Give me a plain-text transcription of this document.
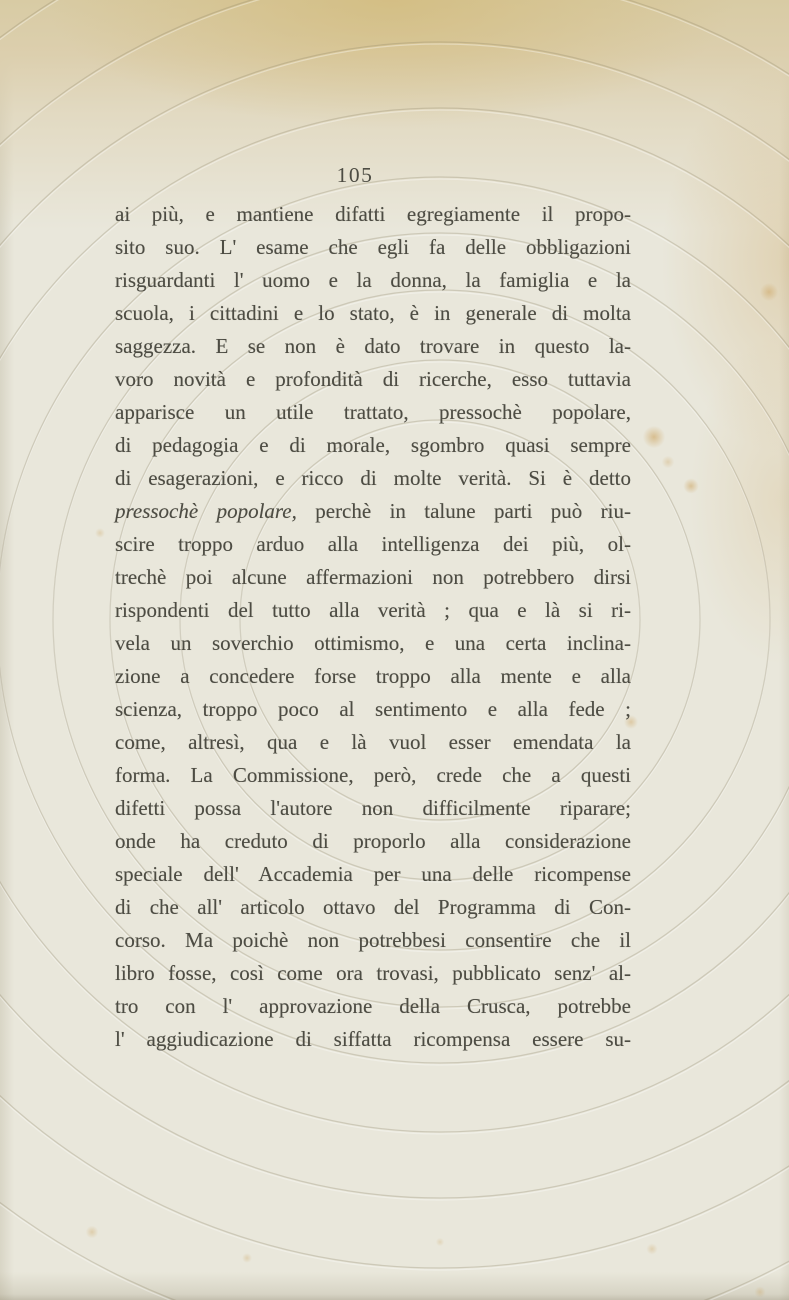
105
ai più, e mantiene difatti egregiamente il propo-
sito suo. L' esame che egli fa delle obbligazioni
risguardanti l' uomo e la donna, la famiglia e la
scuola, i cittadini e lo stato, è in generale di molta
saggezza. E se non è dato trovare in questo la-
voro novità e profondità di ricerche, esso tuttavia
apparisce un utile trattato, pressochè popolare,
di pedagogia e di morale, sgombro quasi sempre
di esagerazioni, e ricco di molte verità. Si è detto
pressochè popolare, perchè in talune parti può riu-
scire troppo arduo alla intelligenza dei più, ol-
trechè poi alcune affermazioni non potrebbero dirsi
rispondenti del tutto alla verità ; qua e là si ri-
vela un soverchio ottimismo, e una certa inclina-
zione a concedere forse troppo alla mente e alla
scienza, troppo poco al sentimento e alla fede ;
come, altresì, qua e là vuol esser emendata la
forma. La Commissione, però, crede che a questi
difetti possa l'autore non difficilmente riparare;
onde ha creduto di proporlo alla considerazione
speciale dell' Accademia per una delle ricompense
di che all' articolo ottavo del Programma di Con-
corso. Ma poichè non potrebbesi consentire che il
libro fosse, così come ora trovasi, pubblicato senz' al-
tro con l' approvazione della Crusca, potrebbe
l' aggiudicazione di siffatta ricompensa essere su-
